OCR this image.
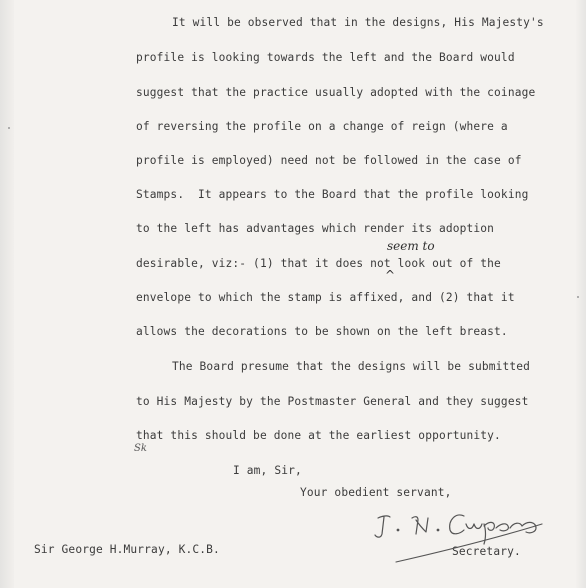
It will be observed that in the designs, His Majesty's
profile is looking towards the left and the Board would
suggest that the practice usually adopted with the coinage
of reversing the profile on a change of reign (where a
profile is employed) need not be followed in the case of
Stamps.  It appears to the Board that the profile looking
to the left has advantages which render its adoption
desirable, viz:- (1) that it does not look out of the
envelope to which the stamp is affixed, and (2) that it
allows the decorations to be shown on the left breast.
The Board presume that the designs will be submitted
to His Majesty by the Postmaster General and they suggest
that this should be done at the earliest opportunity.
I am, Sir,
Your obedient servant,
Sir George H.Murray, K.C.B.	Secretary.
seem to
^
Sk
